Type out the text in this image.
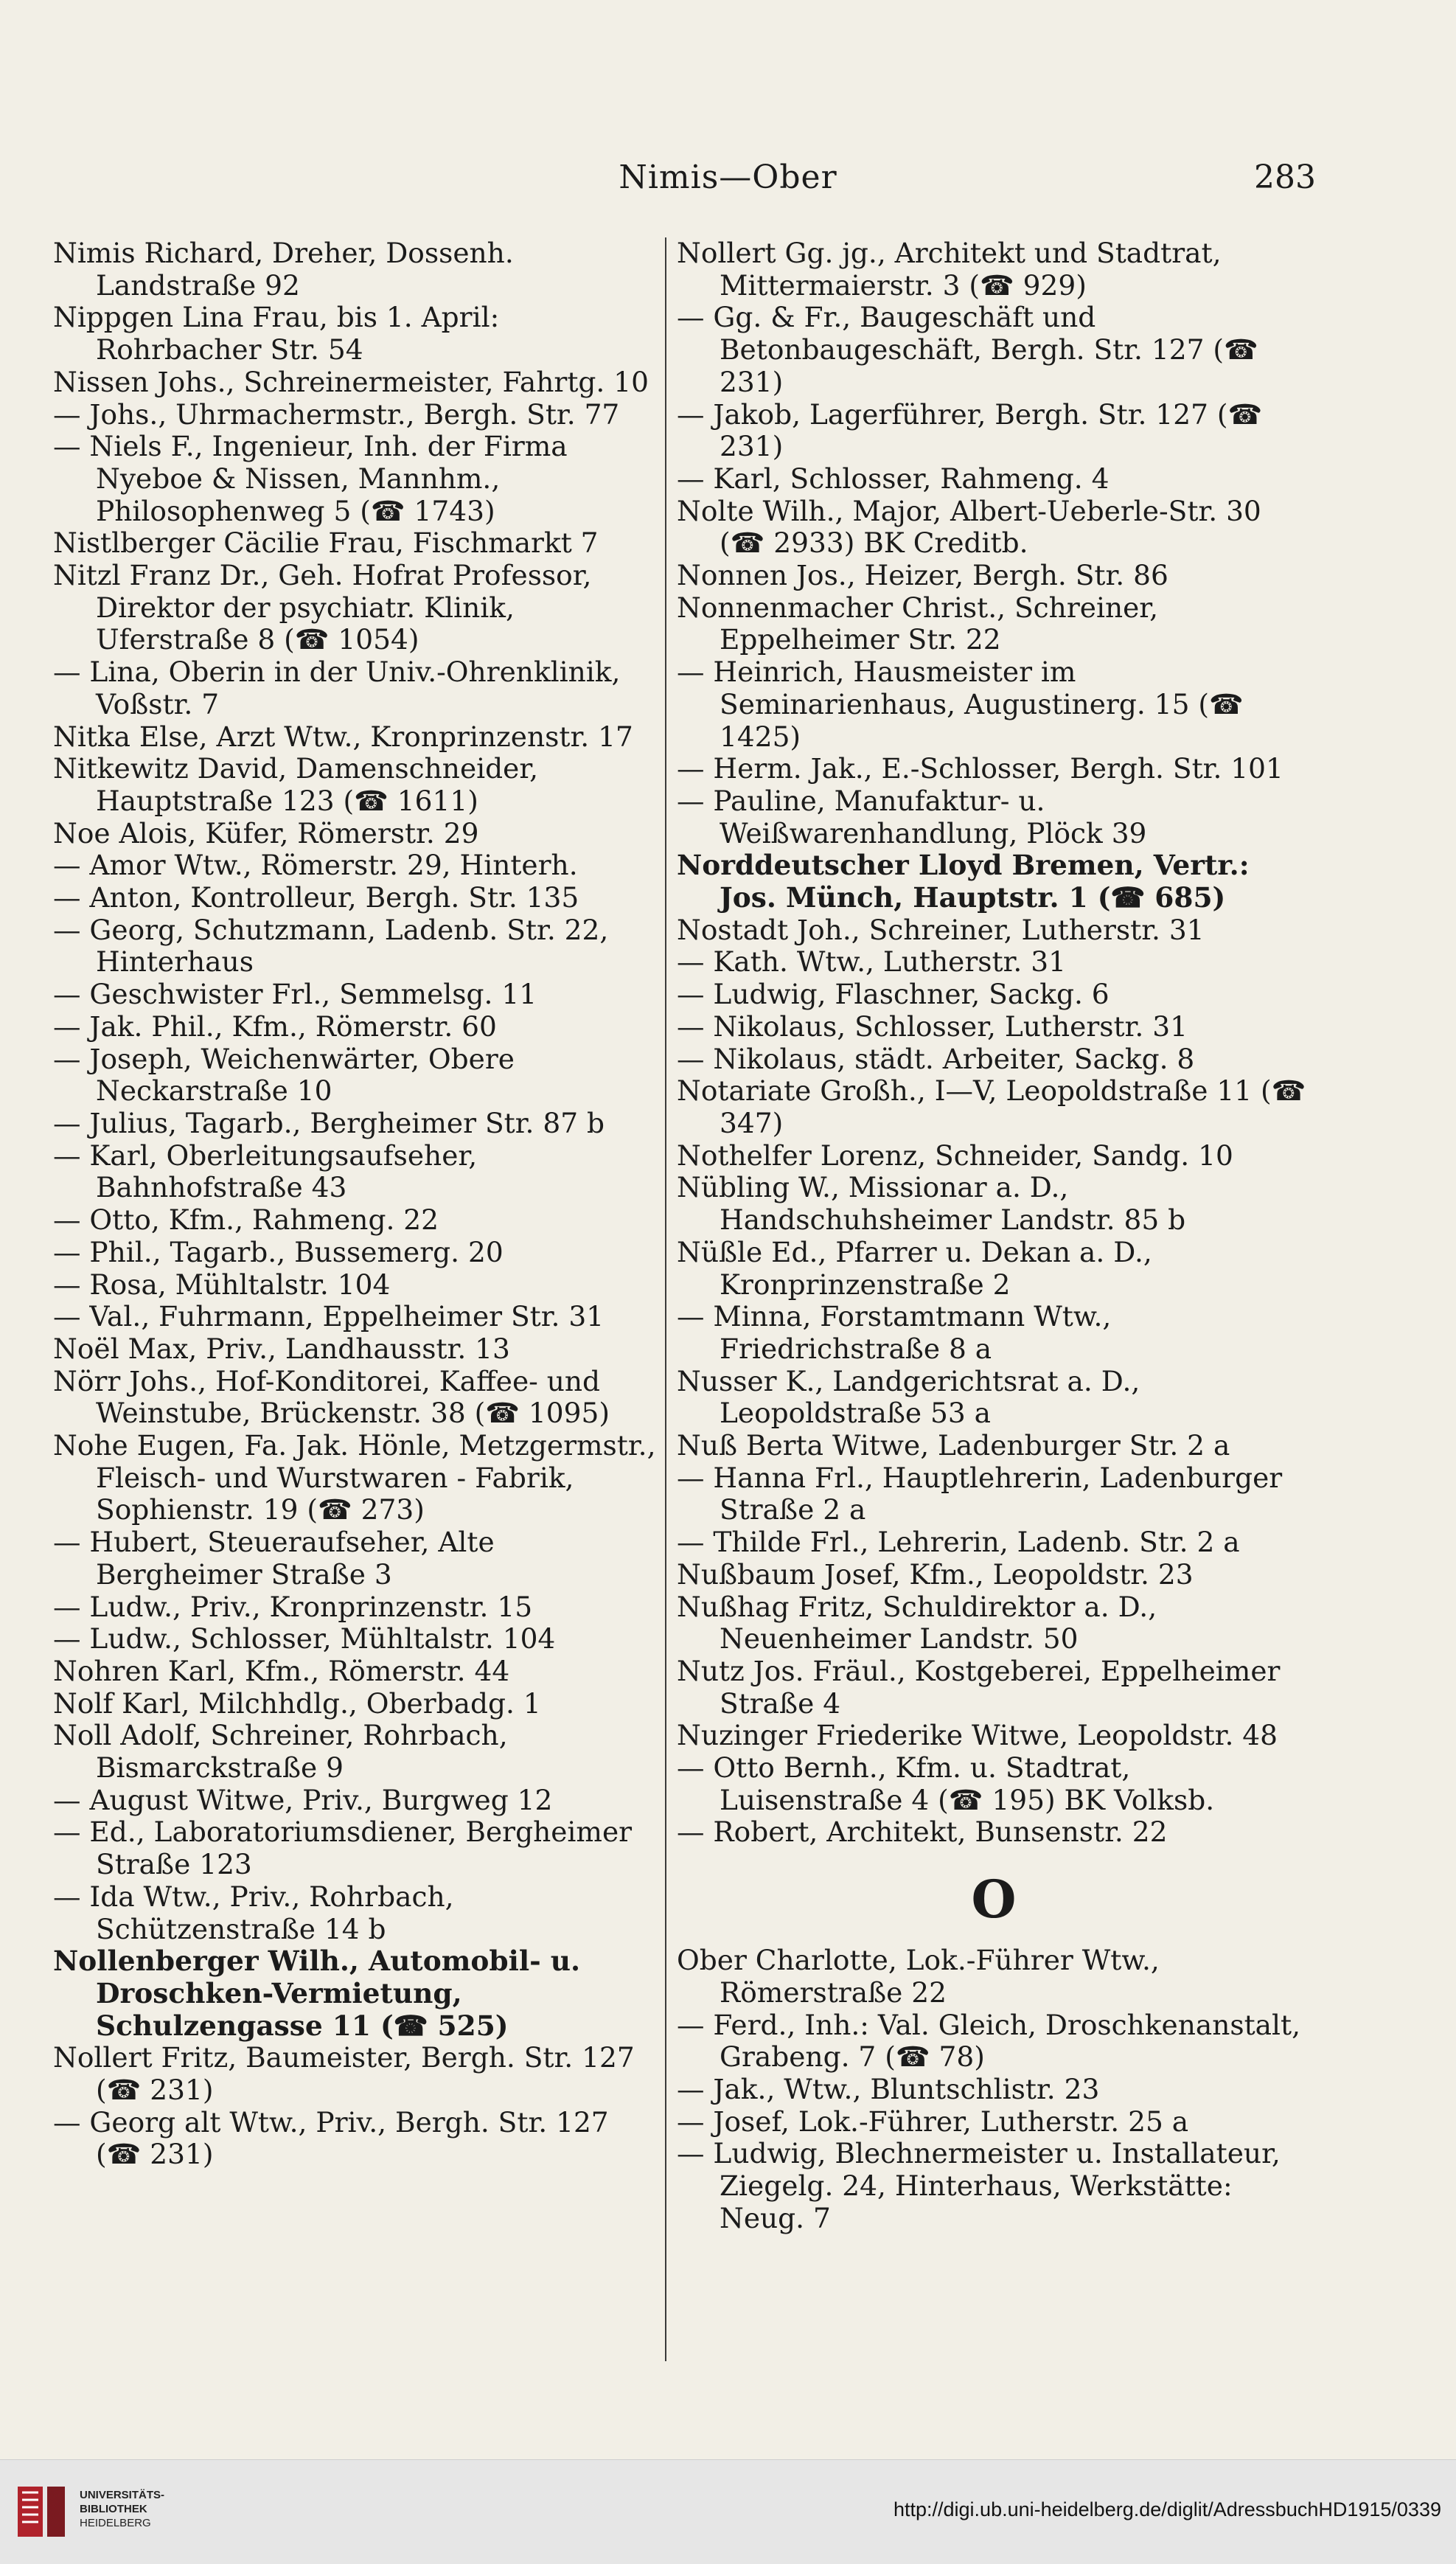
Nimis—Ober	283
Nimis Richard, Dreher, Dossenh. Landstraße 92
Nippgen Lina Frau, bis 1. April: Rohrbacher Str. 54
Nissen Johs., Schreinermeister, Fahrtg. 10
— Johs., Uhrmachermstr., Bergh. Str. 77
— Niels F., Ingenieur, Inh. der Firma Nyeboe & Nissen, Mannhm., Philosophenweg 5 (☎ 1743)
Nistlberger Cäcilie Frau, Fischmarkt 7
Nitzl Franz Dr., Geh. Hofrat Professor, Direktor der psychiatr. Klinik, Uferstraße 8 (☎ 1054)
— Lina, Oberin in der Univ.-Ohrenklinik, Voßstr. 7
Nitka Else, Arzt Wtw., Kronprinzenstr. 17
Nitkewitz David, Damenschneider, Hauptstraße 123 (☎ 1611)
Noe Alois, Küfer, Römerstr. 29
— Amor Wtw., Römerstr. 29, Hinterh.
— Anton, Kontrolleur, Bergh. Str. 135
— Georg, Schutzmann, Ladenb. Str. 22, Hinterhaus
— Geschwister Frl., Semmelsg. 11
— Jak. Phil., Kfm., Römerstr. 60
— Joseph, Weichenwärter, Obere Neckarstraße 10
— Julius, Tagarb., Bergheimer Str. 87 b
— Karl, Oberleitungsaufseher, Bahnhofstraße 43
— Otto, Kfm., Rahmeng. 22
— Phil., Tagarb., Bussemerg. 20
— Rosa, Mühltalstr. 104
— Val., Fuhrmann, Eppelheimer Str. 31
Noël Max, Priv., Landhausstr. 13
Nörr Johs., Hof-Konditorei, Kaffee- und Weinstube, Brückenstr. 38 (☎ 1095)
Nohe Eugen, Fa. Jak. Hönle, Metzgermstr., Fleisch- und Wurstwaren - Fabrik, Sophienstr. 19 (☎ 273)
— Hubert, Steueraufseher, Alte Bergheimer Straße 3
— Ludw., Priv., Kronprinzenstr. 15
— Ludw., Schlosser, Mühltalstr. 104
Nohren Karl, Kfm., Römerstr. 44
Nolf Karl, Milchhdlg., Oberbadg. 1
Noll Adolf, Schreiner, Rohrbach, Bismarckstraße 9
— August Witwe, Priv., Burgweg 12
— Ed., Laboratoriumsdiener, Bergheimer Straße 123
— Ida Wtw., Priv., Rohrbach, Schützenstraße 14 b
Nollenberger Wilh., Automobil- u. Droschken-Vermietung, Schulzengasse 11 (☎ 525)
Nollert Fritz, Baumeister, Bergh. Str. 127 (☎ 231)
— Georg alt Wtw., Priv., Bergh. Str. 127 (☎ 231)
Nollert Gg. jg., Architekt und Stadtrat, Mittermaierstr. 3 (☎ 929)
— Gg. & Fr., Baugeschäft und Betonbaugeschäft, Bergh. Str. 127 (☎ 231)
— Jakob, Lagerführer, Bergh. Str. 127 (☎ 231)
— Karl, Schlosser, Rahmeng. 4
Nolte Wilh., Major, Albert-Ueberle-Str. 30 (☎ 2933) BK Creditb.
Nonnen Jos., Heizer, Bergh. Str. 86
Nonnenmacher Christ., Schreiner, Eppelheimer Str. 22
— Heinrich, Hausmeister im Seminarienhaus, Augustinerg. 15 (☎ 1425)
— Herm. Jak., E.-Schlosser, Bergh. Str. 101
— Pauline, Manufaktur- u. Weißwarenhandlung, Plöck 39
Norddeutscher Lloyd Bremen, Vertr.: Jos. Münch, Hauptstr. 1 (☎ 685)
Nostadt Joh., Schreiner, Lutherstr. 31
— Kath. Wtw., Lutherstr. 31
— Ludwig, Flaschner, Sackg. 6
— Nikolaus, Schlosser, Lutherstr. 31
— Nikolaus, städt. Arbeiter, Sackg. 8
Notariate Großh., I—V, Leopoldstraße 11 (☎ 347)
Nothelfer Lorenz, Schneider, Sandg. 10
Nübling W., Missionar a. D., Handschuhsheimer Landstr. 85 b
Nüßle Ed., Pfarrer u. Dekan a. D., Kronprinzenstraße 2
— Minna, Forstamtmann Wtw., Friedrichstraße 8 a
Nusser K., Landgerichtsrat a. D., Leopoldstraße 53 a
Nuß Berta Witwe, Ladenburger Str. 2 a
— Hanna Frl., Hauptlehrerin, Ladenburger Straße 2 a
— Thilde Frl., Lehrerin, Ladenb. Str. 2 a
Nußbaum Josef, Kfm., Leopoldstr. 23
Nußhag Fritz, Schuldirektor a. D., Neuenheimer Landstr. 50
Nutz Jos. Fräul., Kostgeberei, Eppelheimer Straße 4
Nuzinger Friederike Witwe, Leopoldstr. 48
— Otto Bernh., Kfm. u. Stadtrat, Luisenstraße 4 (☎ 195) BK Volksb.
— Robert, Architekt, Bunsenstr. 22
O
Ober Charlotte, Lok.-Führer Wtw., Römerstraße 22
— Ferd., Inh.: Val. Gleich, Droschkenanstalt, Grabeng. 7 (☎ 78)
— Jak., Wtw., Bluntschlistr. 23
— Josef, Lok.-Führer, Lutherstr. 25 a
— Ludwig, Blechnermeister u. Installateur, Ziegelg. 24, Hinterhaus, Werkstätte: Neug. 7
UNIVERSITÄTS-
BIBLIOTHEK
HEIDELBERG
http://digi.ub.uni-heidelberg.de/diglit/AdressbuchHD1915/0339
